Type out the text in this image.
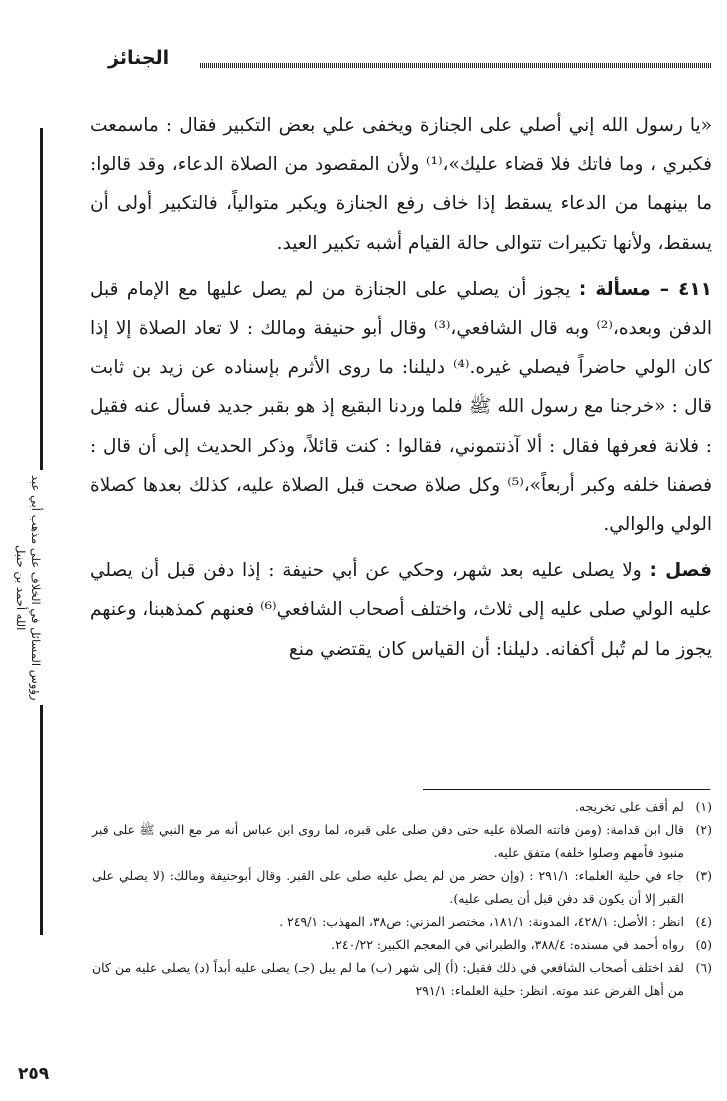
الجنائز
رؤوس المسائل في الخلاف على مذهب أبي عبد الله أحمد بن حنبل

«يا رسول الله إني أصلي على الجنازة ويخفى علي بعض التكبير فقال : ماسمعت فكبري ، وما فاتك فلا قضاء عليك»،⁽¹⁾ ولأن المقصود من الصلاة الدعاء، وقد قالوا: ما بينهما من الدعاء يسقط إذا خاف رفع الجنازة ويكبر متوالياً، فالتكبير أولى أن يسقط، ولأنها تكبيرات تتوالى حالة القيام أشبه تكبير العيد.

٤١١ – مسألة : يجوز أن يصلي على الجنازة من لم يصل عليها مع الإمام قبل الدفن وبعده،⁽²⁾ وبه قال الشافعي،⁽³⁾ وقال أبو حنيفة ومالك : لا تعاد الصلاة إلا إذا كان الولي حاضراً فيصلي غيره.⁽⁴⁾ دليلنا: ما روى الأثرم بإسناده عن زيد بن ثابت قال : «خرجنا مع رسول الله ﷺ فلما وردنا البقيع إذ هو بقبر جديد فسأل عنه فقيل : فلانة فعرفها فقال : ألا آذنتموني، فقالوا : كنت قائلاً، وذكر الحديث إلى أن قال : فصفنا خلفه وكبر أربعاً»،⁽⁵⁾ وكل صلاة صحت قبل الصلاة عليه، كذلك بعدها كصلاة الولي والوالي.

فصل : ولا يصلى عليه بعد شهر، وحكي عن أبي حنيفة : إذا دفن قبل أن يصلي عليه الولي صلى عليه إلى ثلاث، واختلف أصحاب الشافعي⁽⁶⁾ فعنهم كمذهبنا، وعنهم يجوز ما لم تُبل أكفانه. دليلنا: أن القياس كان يقتضي منع

(١)
لم أقف على تخريجه.
(٢)
قال ابن قدامة: (ومن فاتته الصلاة عليه حتى دفن صلى على قبره، لما روى ابن عباس أنه مر مع النبي ﷺ على قبر منبوذ فأمهم وصلوا خلفه) متفق عليه.
(٣)
جاء في حلية العلماء: ٢٩١/١ : (وإن حضر من لم يصل عليه صلى على القبر. وقال أبوحنيفة ومالك: (لا يصلي على القبر إلا أن يكون قد دفن قبل أن يصلى عليه).
(٤)
انظر : الأصل: ٤٢٨/١، المدونة: ١٨١/١، مختصر المزني: ص٣٨، المهذب: ٢٤٩/١ .
(٥)
رواه أحمد في مسنده: ٣٨٨/٤، والطبراني في المعجم الكبير: ٢٤٠/٢٢.
(٦)
لقد اختلف أصحاب الشافعي في ذلك فقيل: (أ) إلى شهر (ب) ما لم يبل (جـ) يصلى عليه أبداً (د) يصلى عليه من كان من أهل الفرض عند موته. انظر: حلية العلماء: ٢٩١/١
٢٥٩
